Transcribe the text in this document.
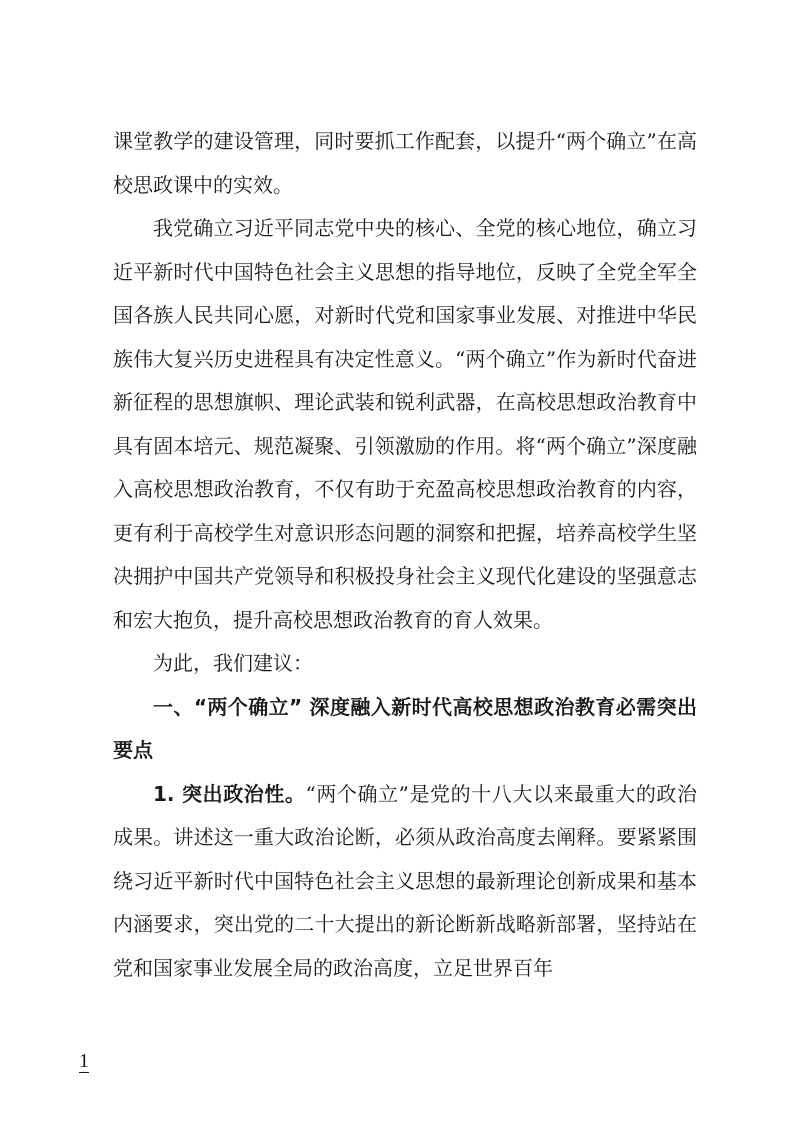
课堂教学的建设管理，同时要抓工作配套，以提升“两个确立”在高校思政课中的实效。

我党确立习近平同志党中央的核心、全党的核心地位，确立习近平新时代中国特色社会主义思想的指导地位，反映了全党全军全国各族人民共同心愿，对新时代党和国家事业发展、对推进中华民族伟大复兴历史进程具有决定性意义。“两个确立”作为新时代奋进新征程的思想旗帜、理论武装和锐利武器，在高校思想政治教育中具有固本培元、规范凝聚、引领激励的作用。将“两个确立”深度融入高校思想政治教育，不仅有助于充盈高校思想政治教育的内容，更有利于高校学生对意识形态问题的洞察和把握，培养高校学生坚决拥护中国共产党领导和积极投身社会主义现代化建设的坚强意志和宏大抱负，提升高校思想政治教育的育人效果。

为此，我们建议：

一、“两个确立” 深度融入新时代高校思想政治教育必需突出要点

1. 突出政治性。“两个确立”是党的十八大以来最重大的政治成果。讲述这一重大政治论断，必须从政治高度去阐释。要紧紧围绕习近平新时代中国特色社会主义思想的最新理论创新成果和基本内涵要求，突出党的二十大提出的新论断新战略新部署，坚持站在党和国家事业发展全局的政治高度，立足世界百年

1
